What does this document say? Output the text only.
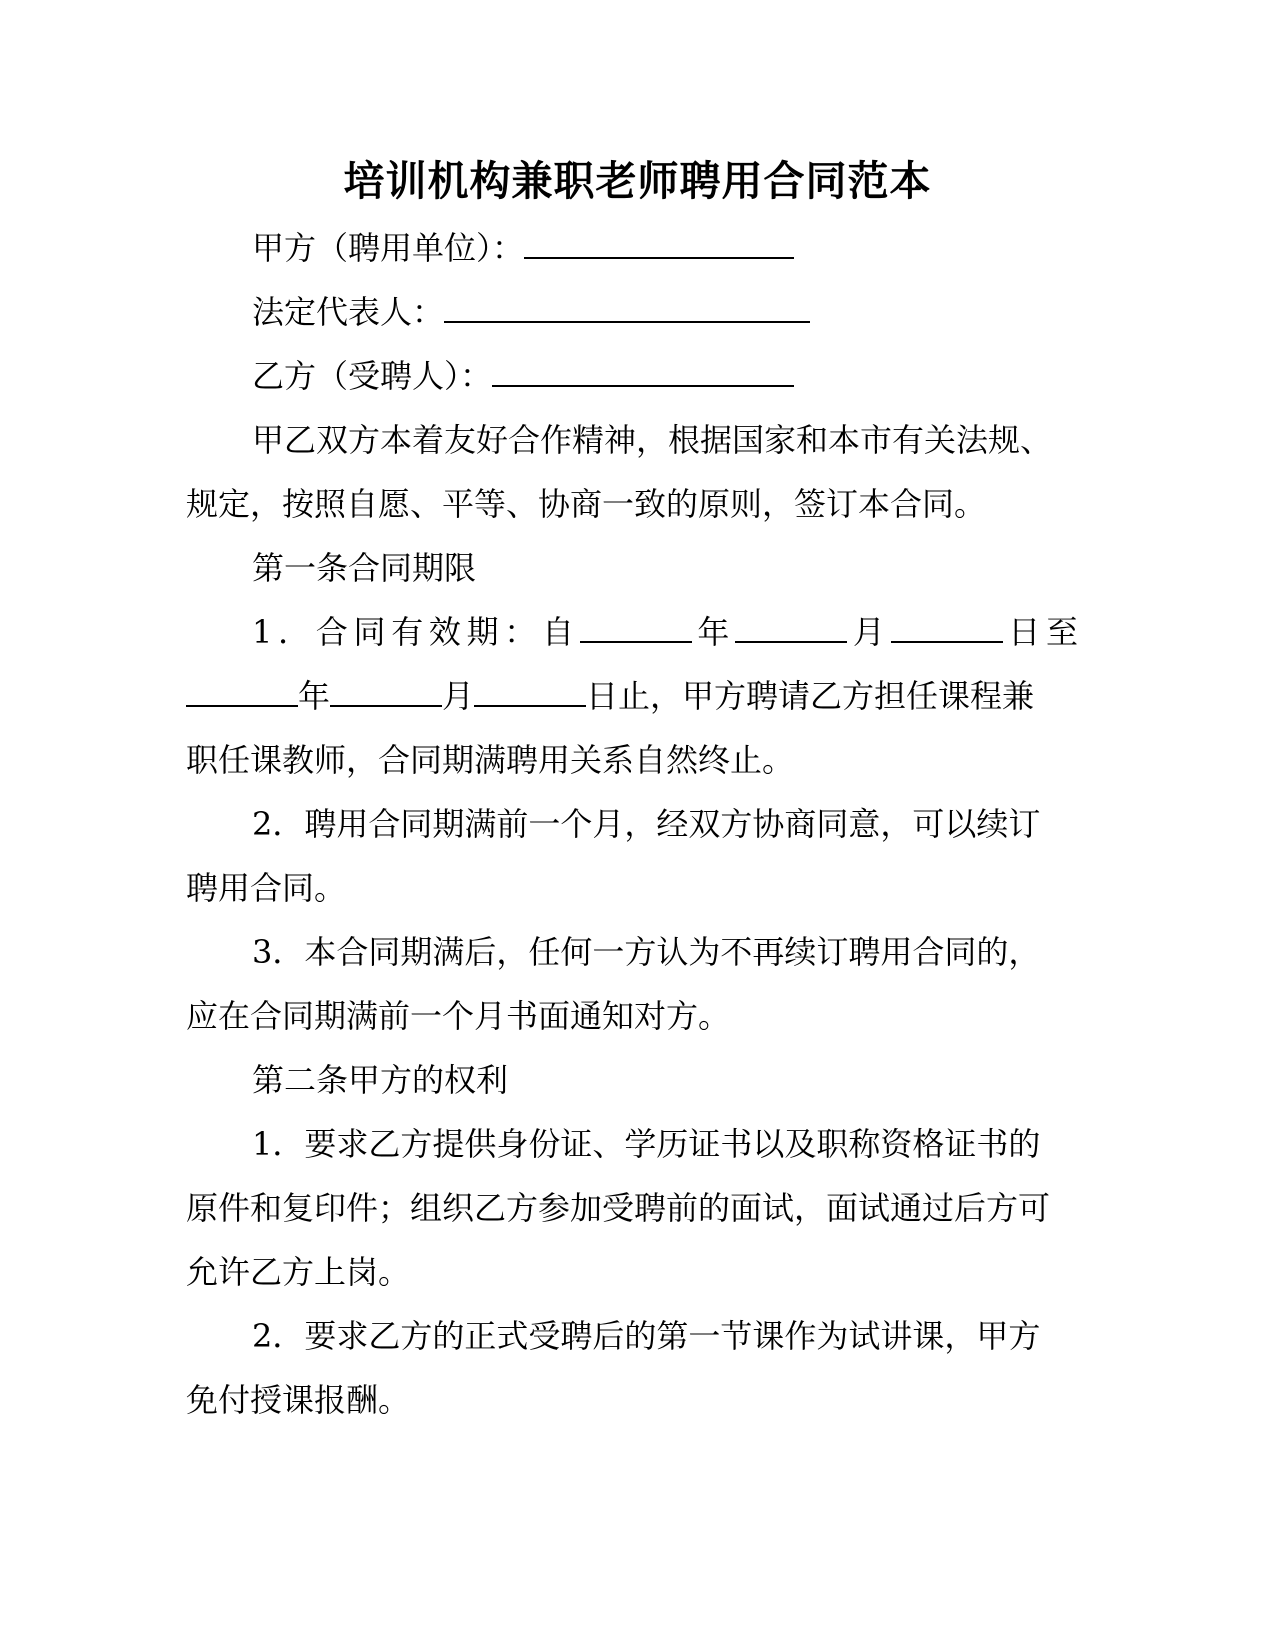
培训机构兼职老师聘用合同范本

甲方（聘用单位）：

法定代表人：

乙方（受聘人）：

甲乙双方本着友好合作精神，根据国家和本市有关法规、

规定，按照自愿、平等、协商一致的原则，签订本合同。

第一条合同期限

1．合同有效期：自	年	月	日至

年	月	日止，甲方聘请乙方担任课程兼

职任课教师，合同期满聘用关系自然终止。

2．聘用合同期满前一个月，经双方协商同意，可以续订

聘用合同。

3．本合同期满后，任何一方认为不再续订聘用合同的，

应在合同期满前一个月书面通知对方。

第二条甲方的权利

1．要求乙方提供身份证、学历证书以及职称资格证书的

原件和复印件；组织乙方参加受聘前的面试，面试通过后方可

允许乙方上岗。

2．要求乙方的正式受聘后的第一节课作为试讲课，甲方

免付授课报酬。
